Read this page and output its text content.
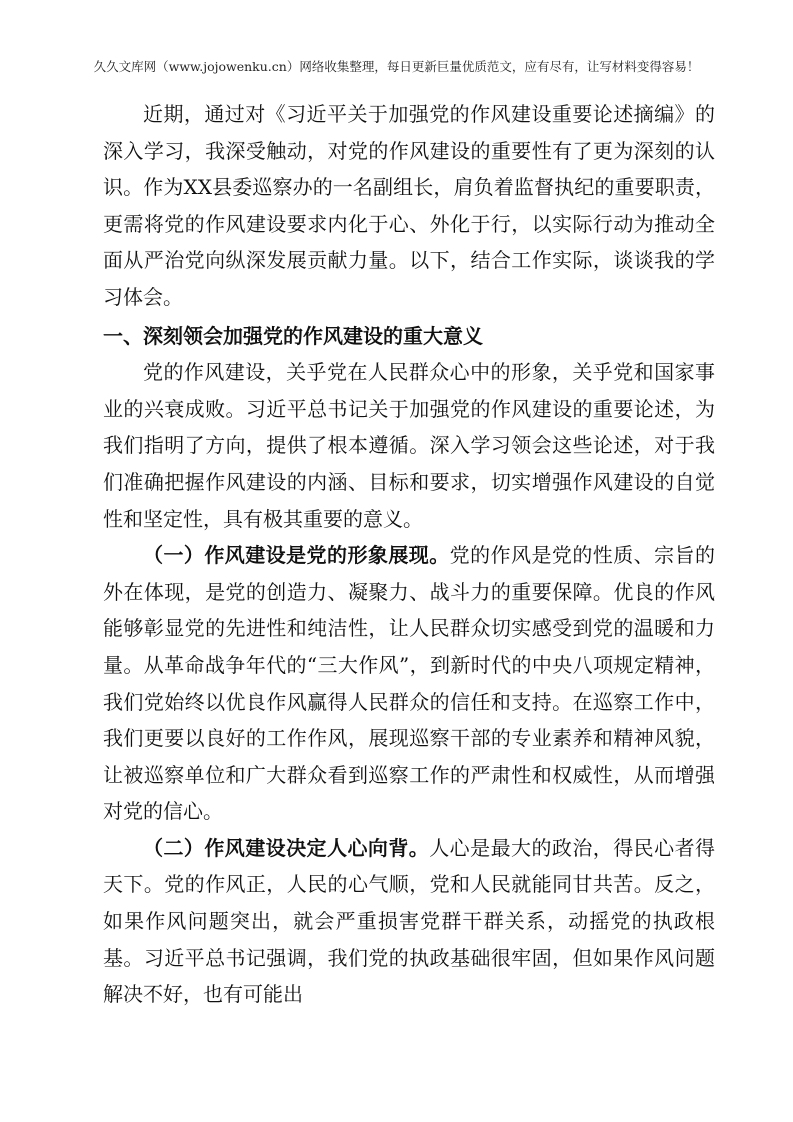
久久文库网（www.jojowenku.cn）网络收集整理，每日更新巨量优质范文，应有尽有，让写材料变得容易！

近期，通过对《习近平关于加强党的作风建设重要论述摘编》的深入学习，我深受触动，对党的作风建设的重要性有了更为深刻的认识。作为XX县委巡察办的一名副组长，肩负着监督执纪的重要职责，更需将党的作风建设要求内化于心、外化于行，以实际行动为推动全面从严治党向纵深发展贡献力量。以下，结合工作实际，谈谈我的学习体会。

一、深刻领会加强党的作风建设的重大意义

党的作风建设，关乎党在人民群众心中的形象，关乎党和国家事业的兴衰成败。习近平总书记关于加强党的作风建设的重要论述，为我们指明了方向，提供了根本遵循。深入学习领会这些论述，对于我们准确把握作风建设的内涵、目标和要求，切实增强作风建设的自觉性和坚定性，具有极其重要的意义。

（一）作风建设是党的形象展现。党的作风是党的性质、宗旨的外在体现，是党的创造力、凝聚力、战斗力的重要保障。优良的作风能够彰显党的先进性和纯洁性，让人民群众切实感受到党的温暖和力量。从革命战争年代的“三大作风”，到新时代的中央八项规定精神，我们党始终以优良作风赢得人民群众的信任和支持。在巡察工作中，我们更要以良好的工作作风，展现巡察干部的专业素养和精神风貌，让被巡察单位和广大群众看到巡察工作的严肃性和权威性，从而增强对党的信心。

（二）作风建设决定人心向背。人心是最大的政治，得民心者得天下。党的作风正，人民的心气顺，党和人民就能同甘共苦。反之，如果作风问题突出，就会严重损害党群干群关系，动摇党的执政根基。习近平总书记强调，我们党的执政基础很牢固，但如果作风问题解决不好，也有可能出
